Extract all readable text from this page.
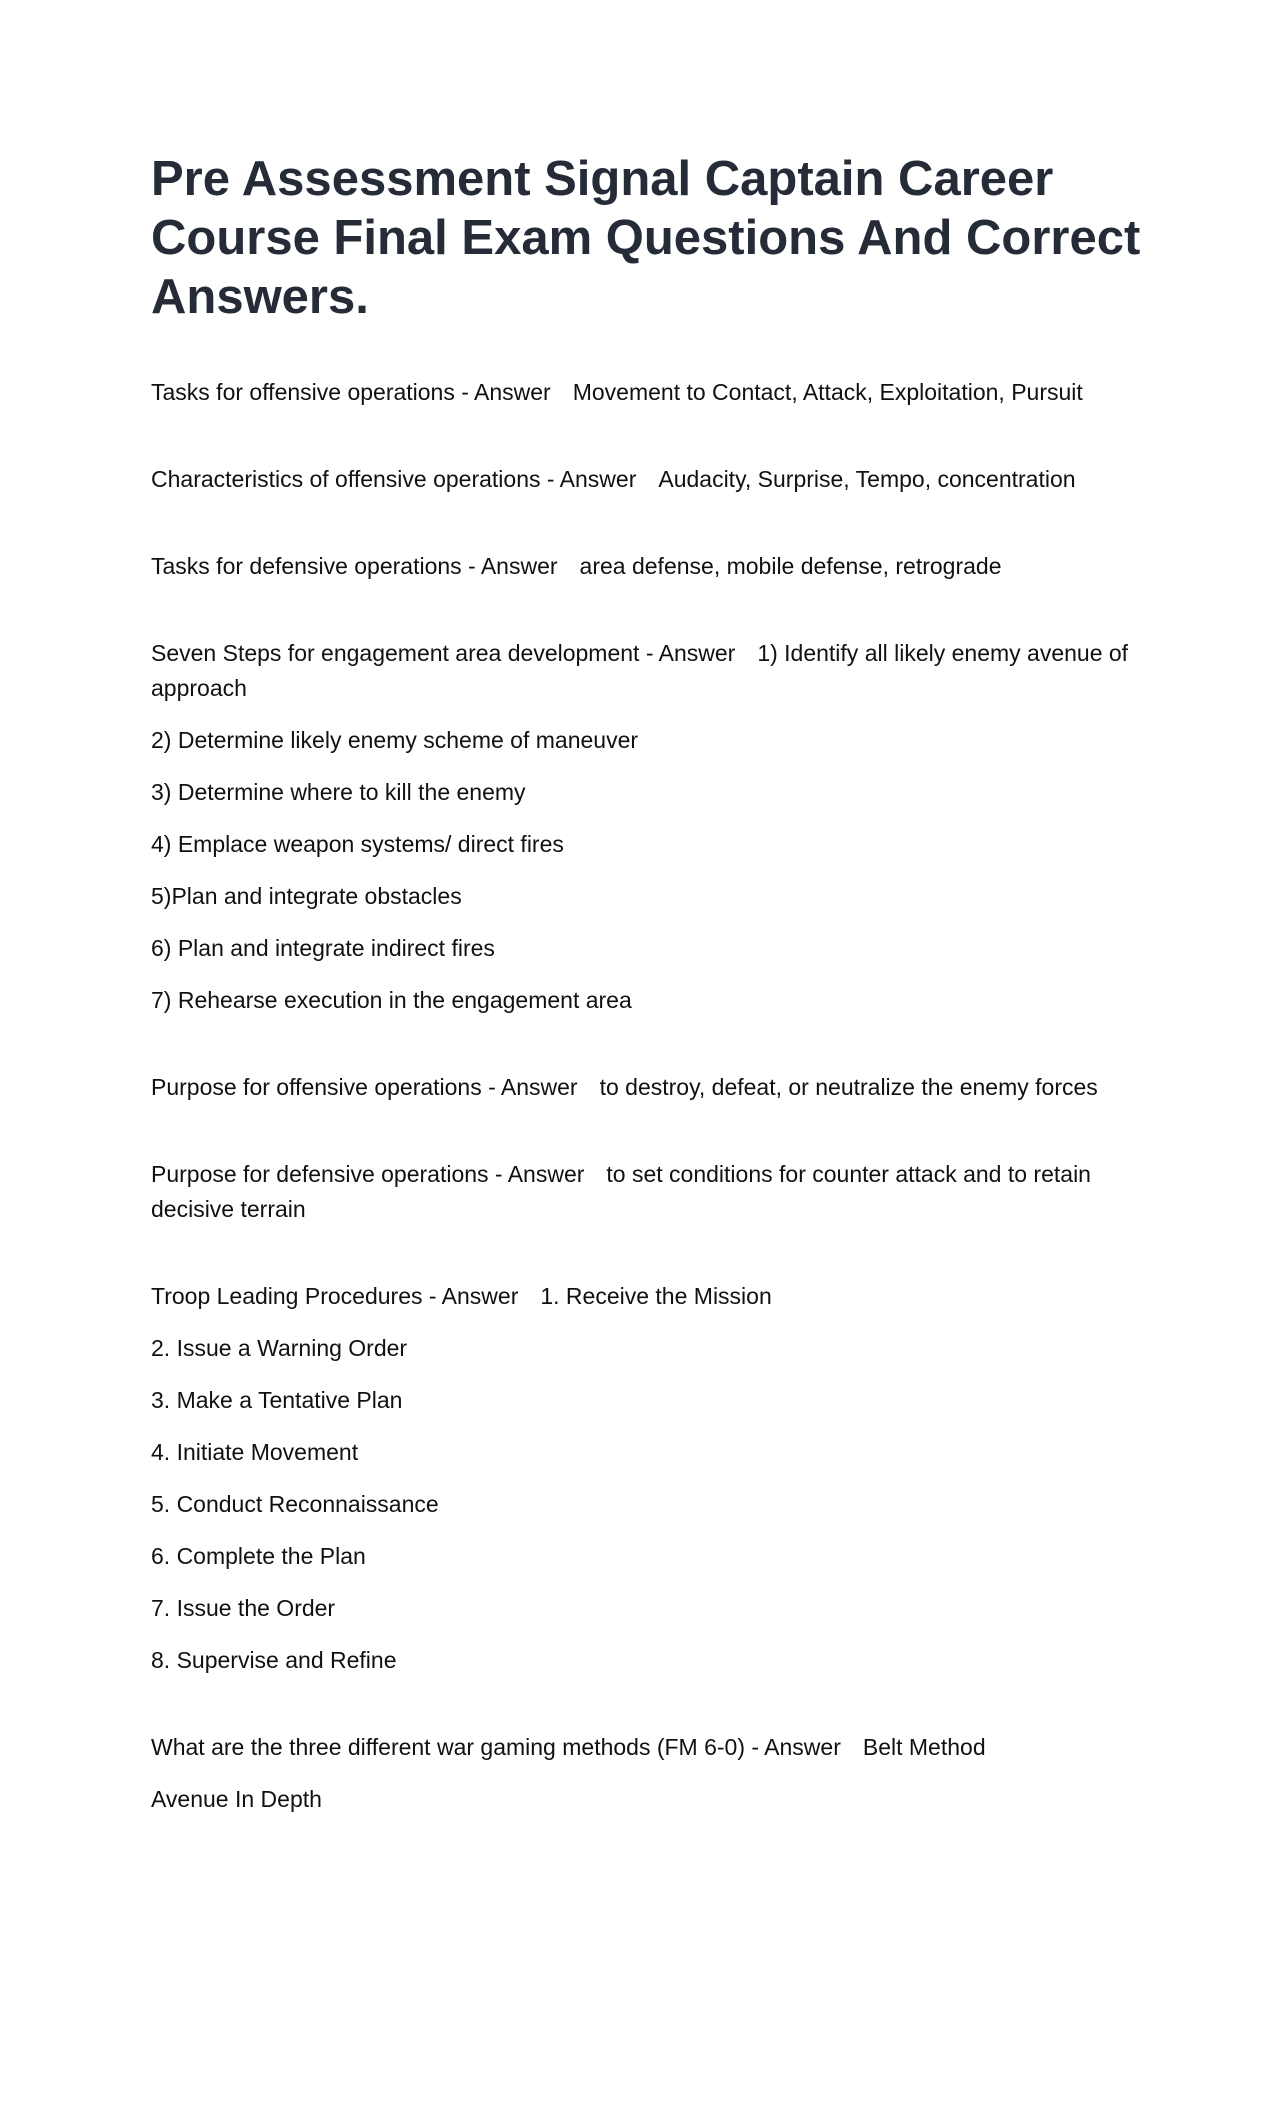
Pre Assessment Signal Captain Career Course Final Exam Questions And Correct Answers.

Tasks for offensive operations - Answer Movement to Contact, Attack, Exploitation, Pursuit

Characteristics of offensive operations - Answer Audacity, Surprise, Tempo, concentration

Tasks for defensive operations - Answer area defense, mobile defense, retrograde

Seven Steps for engagement area development - Answer 1) Identify all likely enemy avenue of approach

2) Determine likely enemy scheme of maneuver

3) Determine where to kill the enemy

4) Emplace weapon systems/ direct fires

5)Plan and integrate obstacles

6) Plan and integrate indirect fires

7) Rehearse execution in the engagement area

Purpose for offensive operations - Answer to destroy, defeat, or neutralize the enemy forces

Purpose for defensive operations - Answer to set conditions for counter attack and to retain decisive terrain

Troop Leading Procedures - Answer 1. Receive the Mission

2. Issue a Warning Order

3. Make a Tentative Plan

4. Initiate Movement

5. Conduct Reconnaissance

6. Complete the Plan

7. Issue the Order

8. Supervise and Refine

What are the three different war gaming methods (FM 6-0) - Answer Belt Method

Avenue In Depth
